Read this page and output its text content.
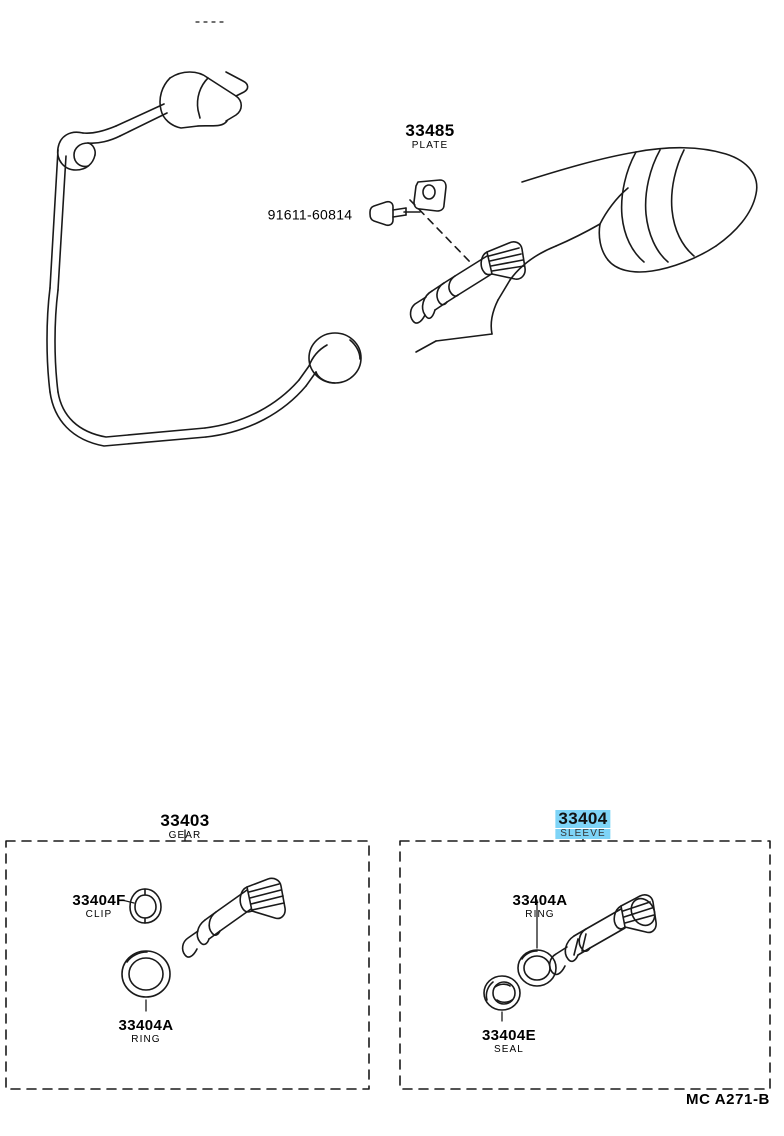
33485
PLATE
91611-60814
33403
GEAR
33404
SLEEVE
33404F
CLIP
33404A
RING
33404A
RING
33404E
SEAL
MC A271-B
